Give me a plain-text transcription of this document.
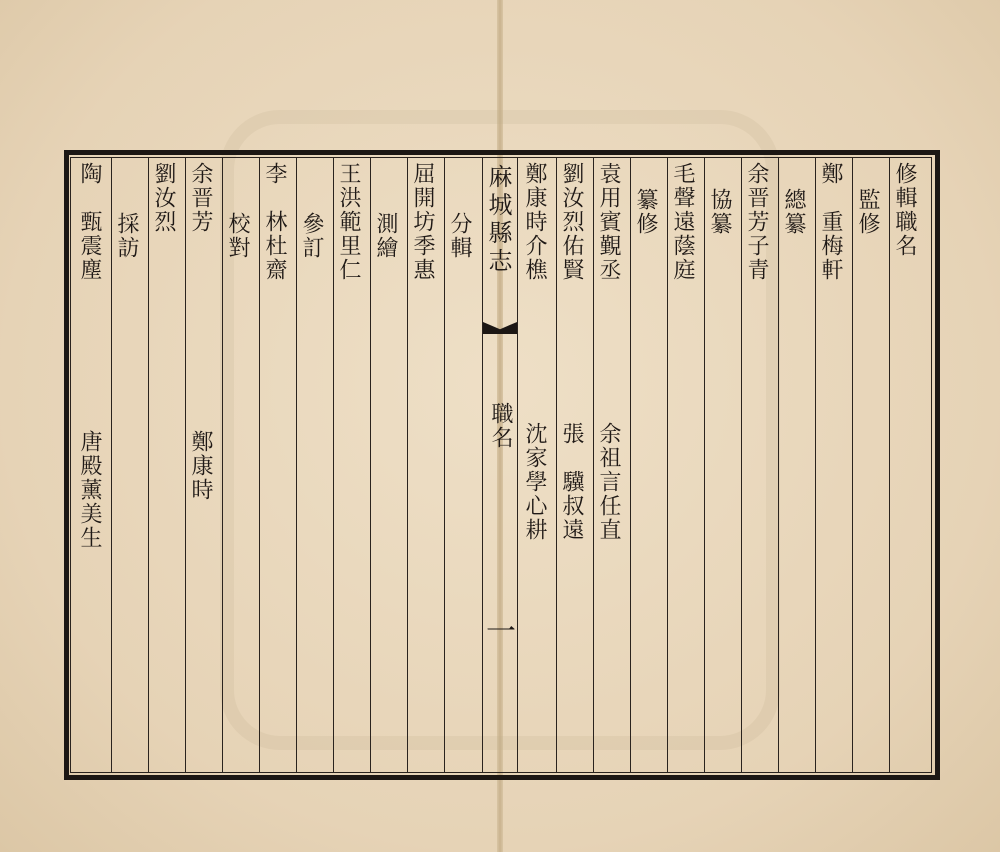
修輯職名
監修
鄭　重梅軒
總纂
余晋芳子青
協纂
毛聲遠蔭庭
纂修
袁用賓覲丞
余祖言任直
劉汝烈佑賢
張　驥叔遠
鄭康時介樵
沈家學心耕
麻城縣志
職名
一
分輯
屈開坊季惠
測繪
王洪範里仁
參訂
李　林杜齋
校對
余晋芳
鄭康時
劉汝烈
採訪
陶　甄震塵
唐殿薰美生
